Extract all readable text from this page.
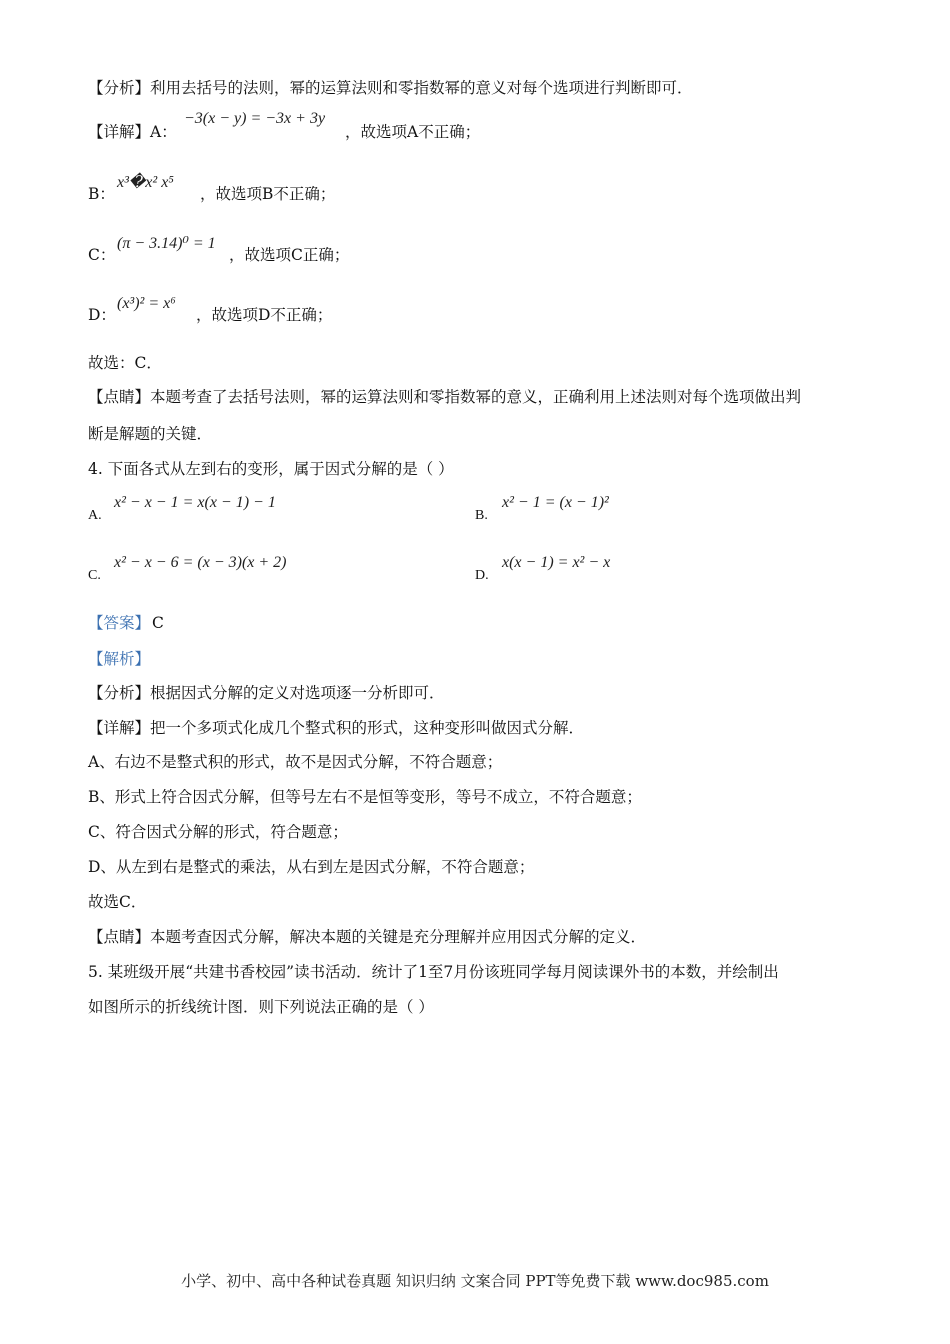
【分析】利用去括号的法则，幂的运算法则和零指数幂的意义对每个选项进行判断即可．
【详解】A：
−3(x − y) = −3x + 3y
，故选项A不正确；
B：
x³�x² x⁵
，故选项B不正确；
C：
(π − 3.14)⁰ = 1
，故选项C正确；
D：
(x³)² = x⁶
，故选项D不正确；
故选：C．
【点睛】本题考查了去括号法则，幂的运算法则和零指数幂的意义，正确利用上述法则对每个选项做出判
断是解题的关键．
4. 下面各式从左到右的变形，属于因式分解的是（ ）
A.
x² − x − 1 = x(x − 1) − 1
B.
x² − 1 = (x − 1)²
C.
x² − x − 6 = (x − 3)(x + 2)
D.
x(x − 1) = x² − x
【答案】 C
【解析】
【分析】根据因式分解的定义对选项逐一分析即可．
【详解】把一个多项式化成几个整式积的形式，这种变形叫做因式分解．
A、右边不是整式积的形式，故不是因式分解，不符合题意；
B、形式上符合因式分解，但等号左右不是恒等变形，等号不成立，不符合题意；
C、符合因式分解的形式，符合题意；
D、从左到右是整式的乘法，从右到左是因式分解，不符合题意；
故选C．
【点睛】本题考查因式分解，解决本题的关键是充分理解并应用因式分解的定义．
5. 某班级开展“共建书香校园”读书活动．统计了1至7月份该班同学每月阅读课外书的本数，并绘制出
如图所示的折线统计图．则下列说法正确的是（ ）
小学、初中、高中各种试卷真题 知识归纳 文案合同 PPT等免费下载 www.doc985.com
